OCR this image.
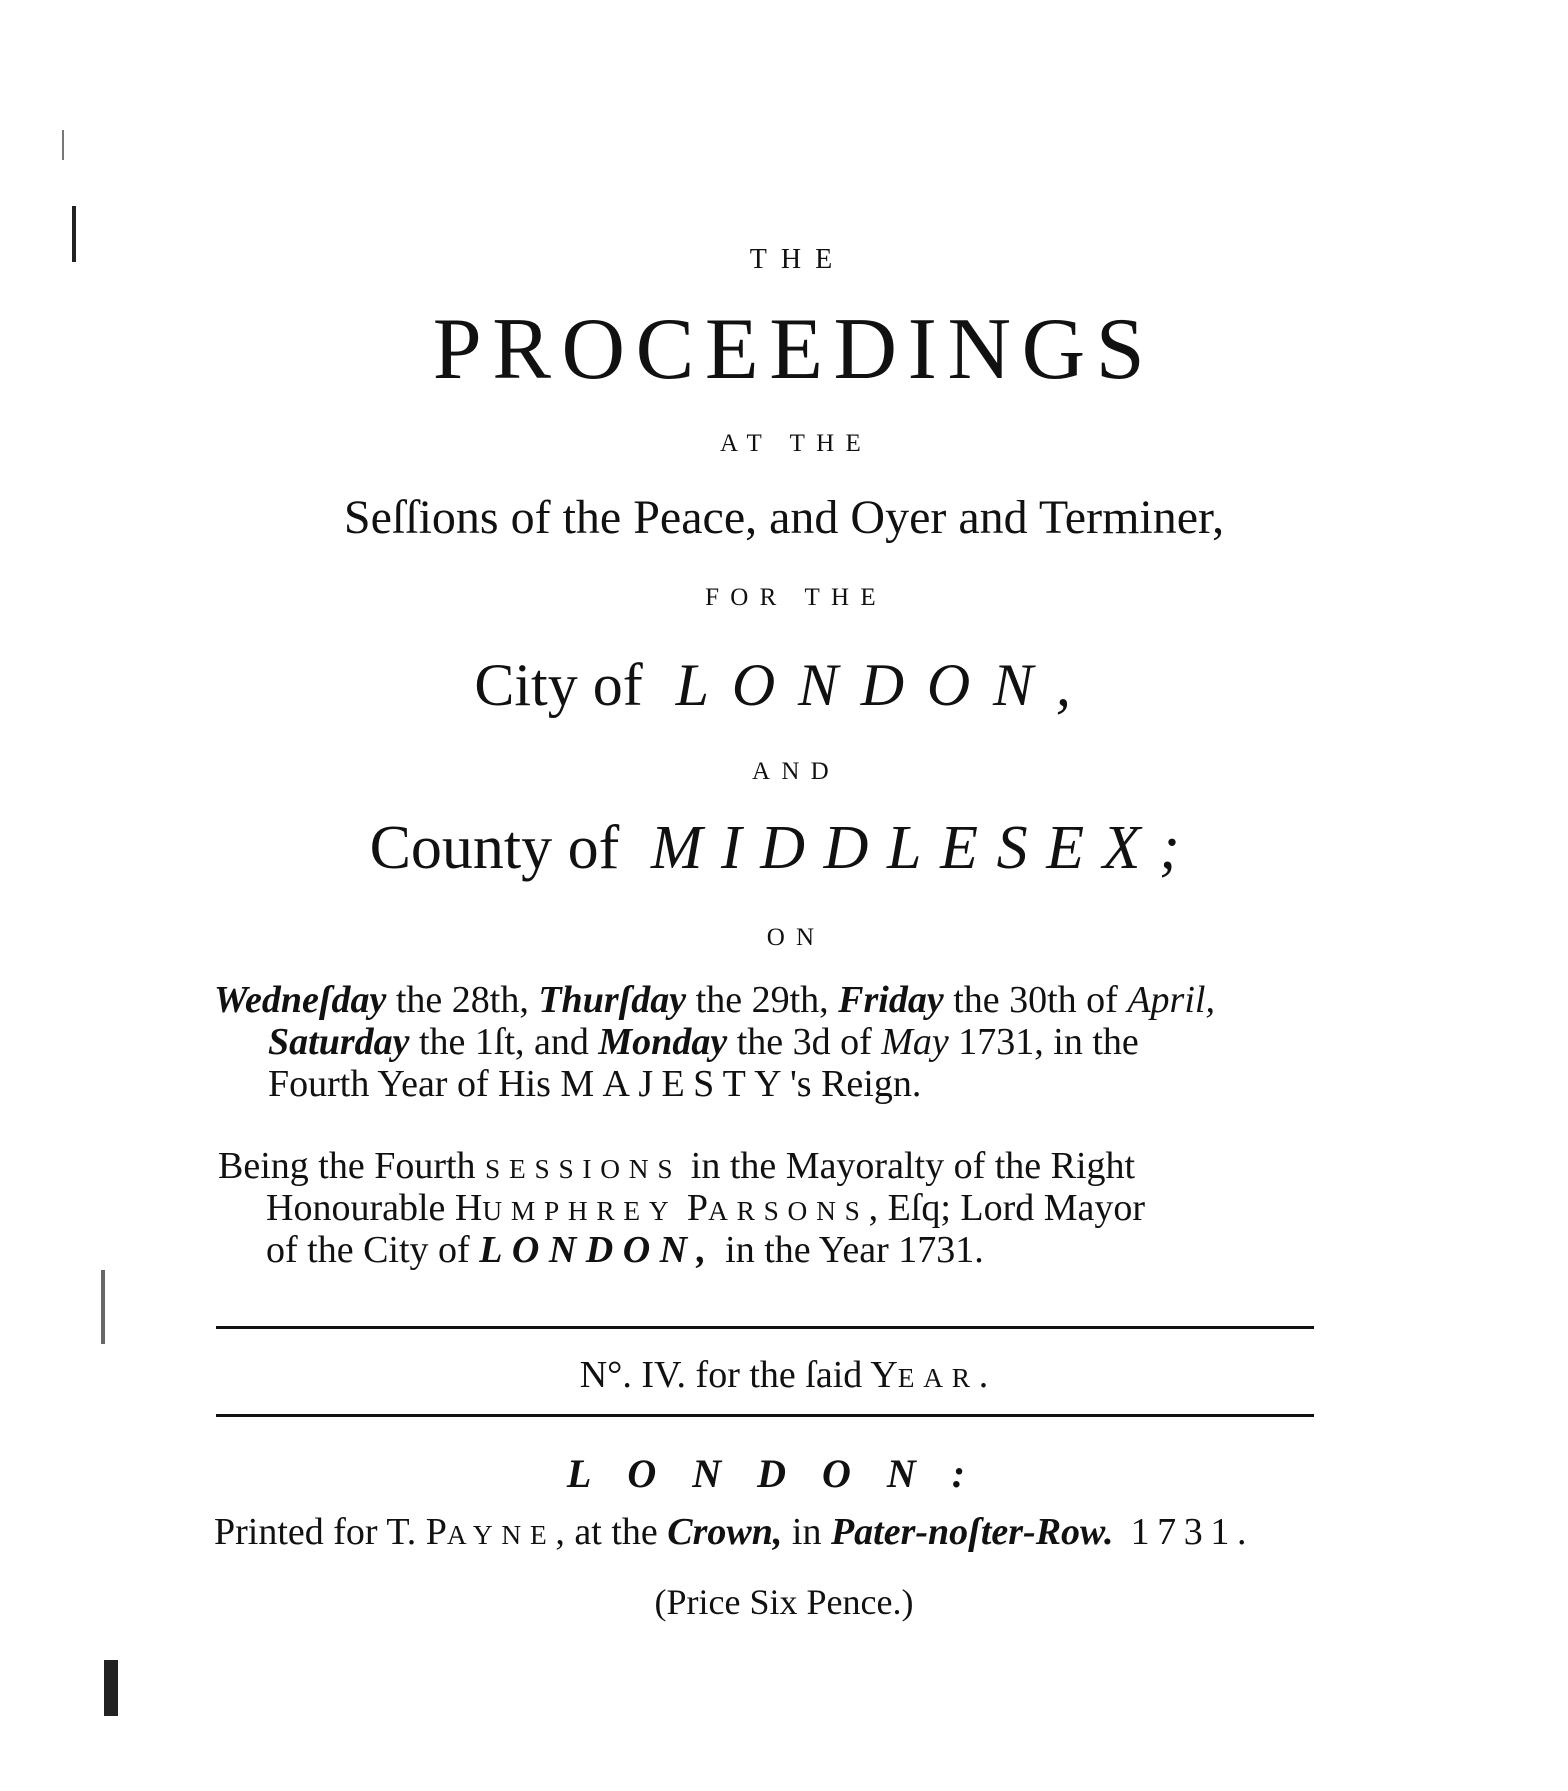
THE
PROCEEDINGS
AT THE
Seſſions of the Peace, and Oyer and Terminer,
FOR THE
City of LONDON,
AND
County of MIDDLESEX;
ON
Wedneſday the 28th, Thurſday the 29th, Friday the 30th of April,
Saturday the 1ſt, and Monday the 3d of May 1731, in the
Fourth Year of His MAJESTY's Reign.
Being the Fourth SESSIONS in the Mayoralty of the Right
Honourable HUMPHREY PARSONS, Eſq; Lord Mayor
of the City of LONDON, in the Year 1731.
N°. IV. for the ſaid YEAR.
LONDON:
Printed for T. PAYNE, at the Crown, in Pater-noſter-Row. 1731.
(Price Six Pence.)
